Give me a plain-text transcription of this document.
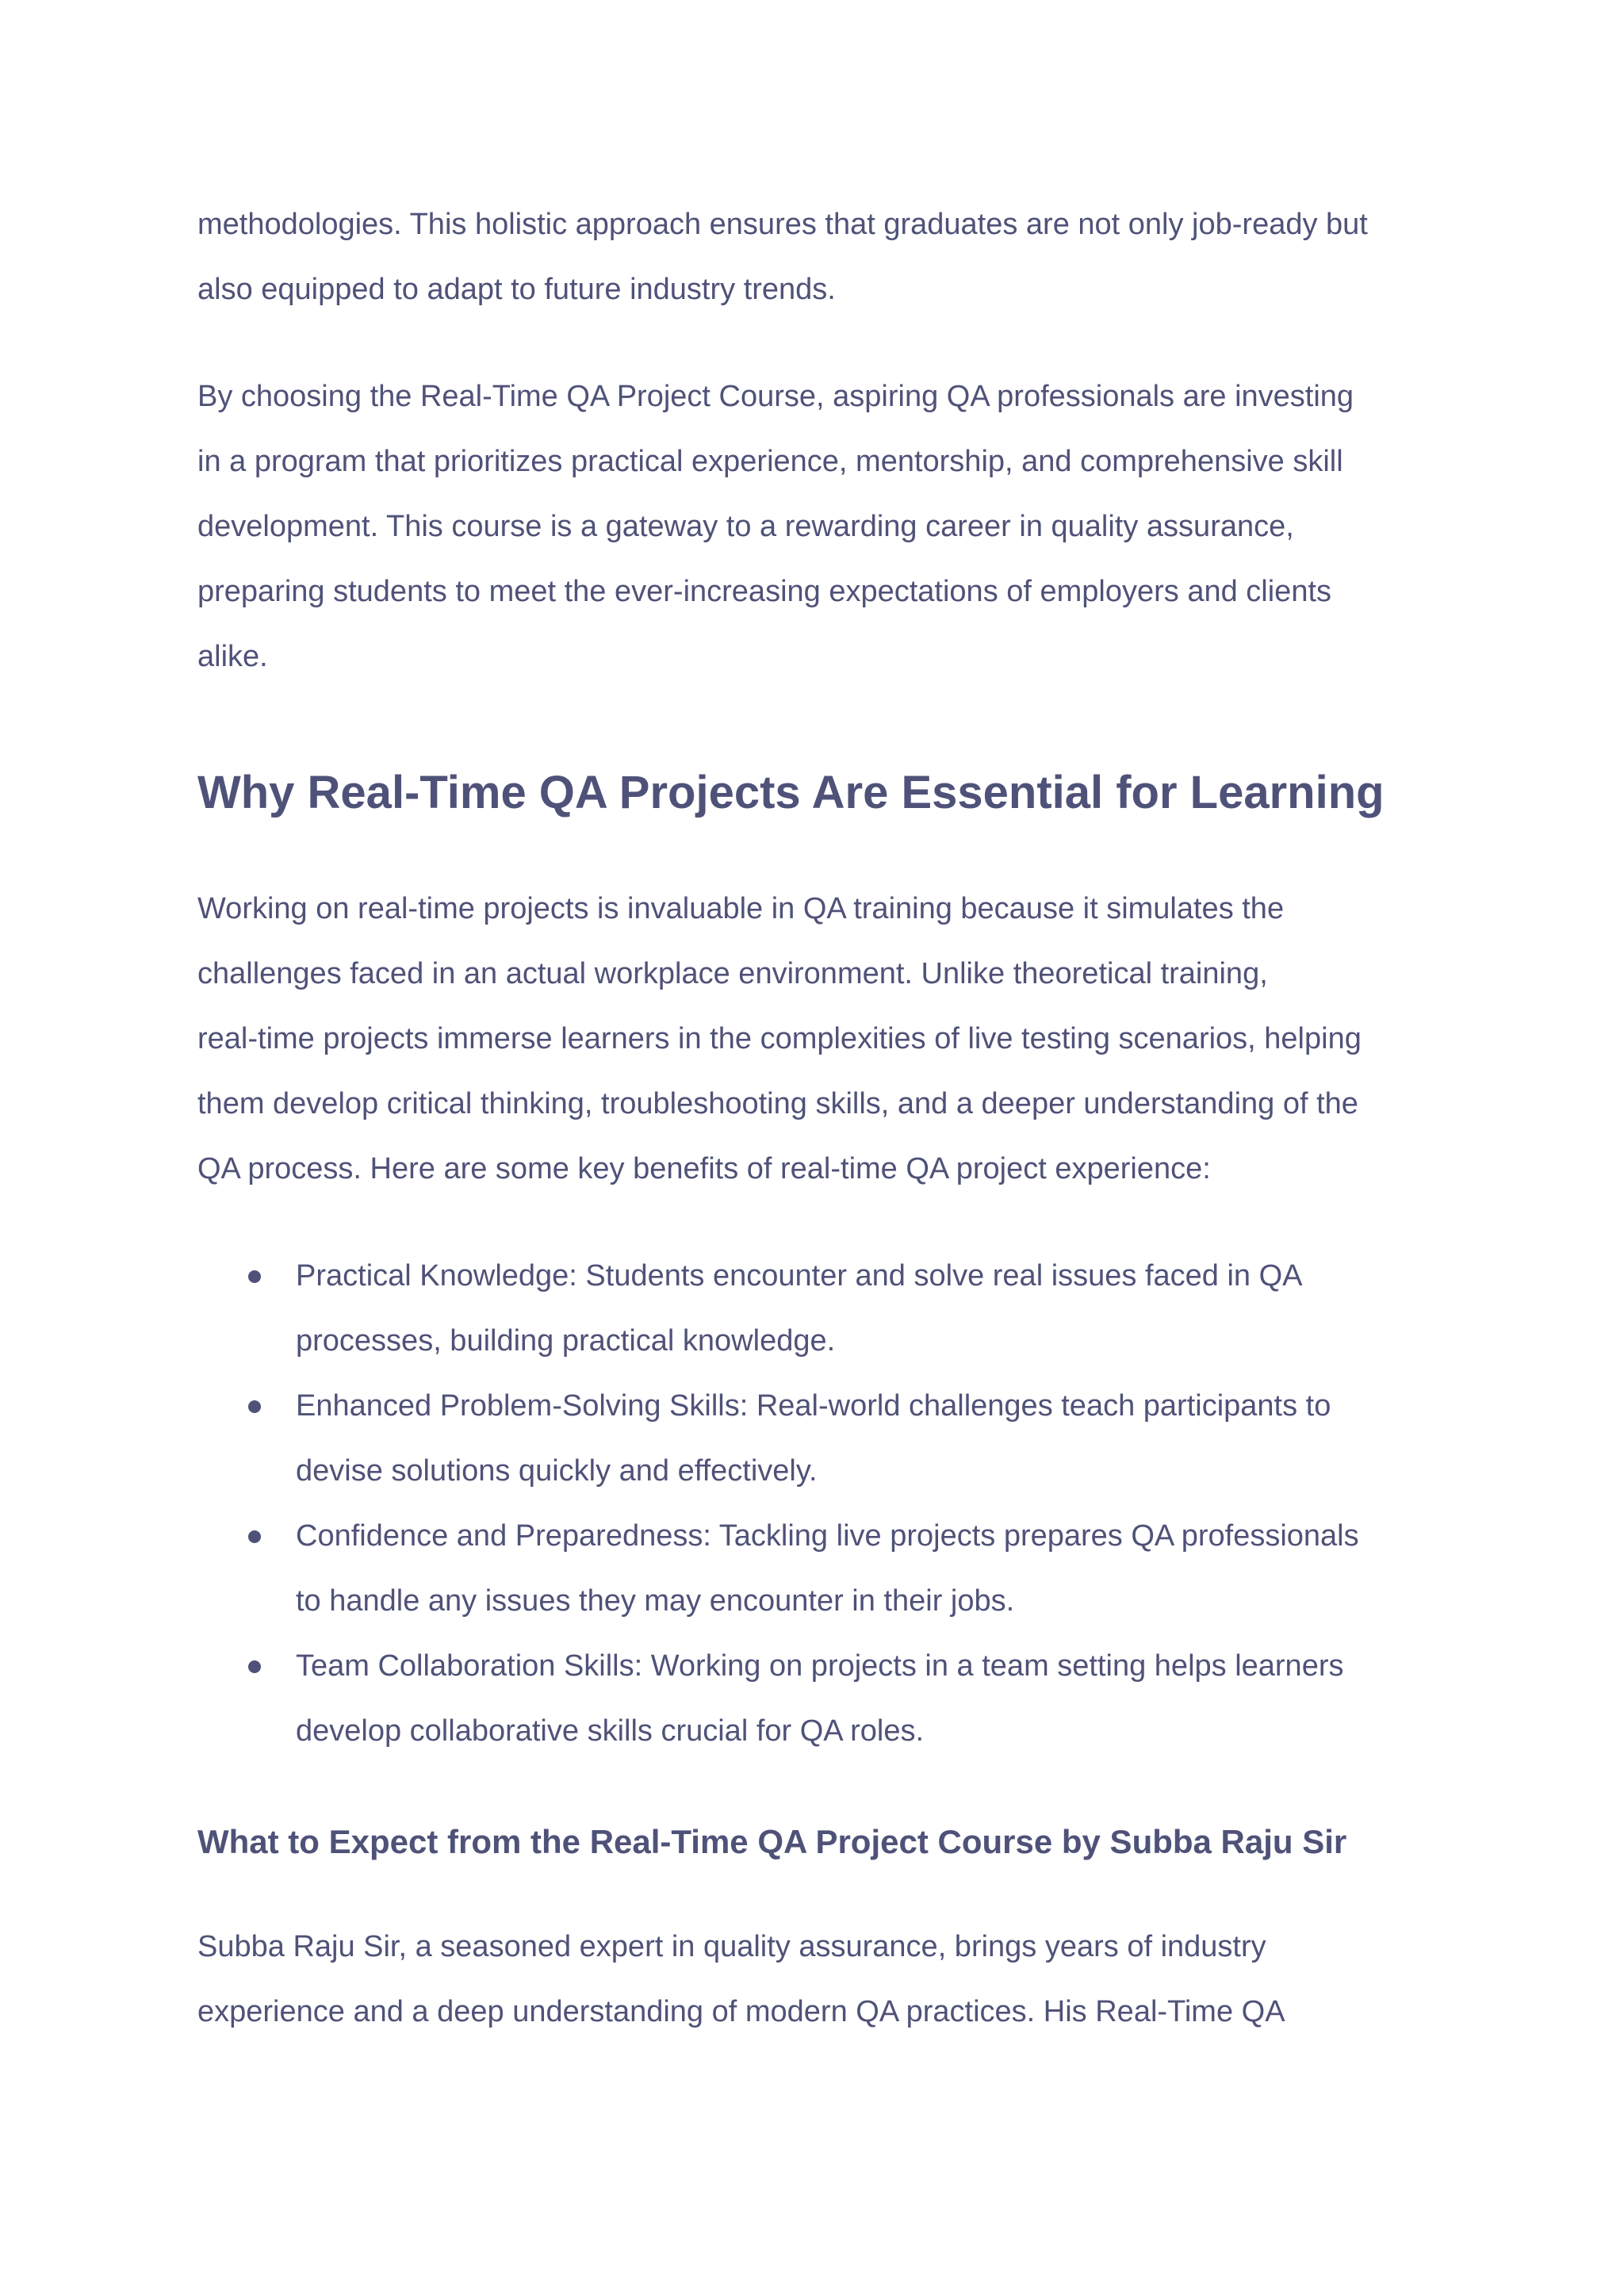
methodologies. This holistic approach ensures that graduates are not only job-ready but
also equipped to adapt to future industry trends.

By choosing the Real-Time QA Project Course, aspiring QA professionals are investing
in a program that prioritizes practical experience, mentorship, and comprehensive skill
development. This course is a gateway to a rewarding career in quality assurance,
preparing students to meet the ever-increasing expectations of employers and clients
alike.

Why Real-Time QA Projects Are Essential for Learning

Working on real-time projects is invaluable in QA training because it simulates the
challenges faced in an actual workplace environment. Unlike theoretical training,
real-time projects immerse learners in the complexities of live testing scenarios, helping
them develop critical thinking, troubleshooting skills, and a deeper understanding of the
QA process. Here are some key benefits of real-time QA project experience:

Practical Knowledge: Students encounter and solve real issues faced in QA
processes, building practical knowledge.
Enhanced Problem-Solving Skills: Real-world challenges teach participants to
devise solutions quickly and effectively.
Confidence and Preparedness: Tackling live projects prepares QA professionals
to handle any issues they may encounter in their jobs.
Team Collaboration Skills: Working on projects in a team setting helps learners
develop collaborative skills crucial for QA roles.
What to Expect from the Real-Time QA Project Course by Subba Raju Sir

Subba Raju Sir, a seasoned expert in quality assurance, brings years of industry
experience and a deep understanding of modern QA practices. His Real-Time QA
